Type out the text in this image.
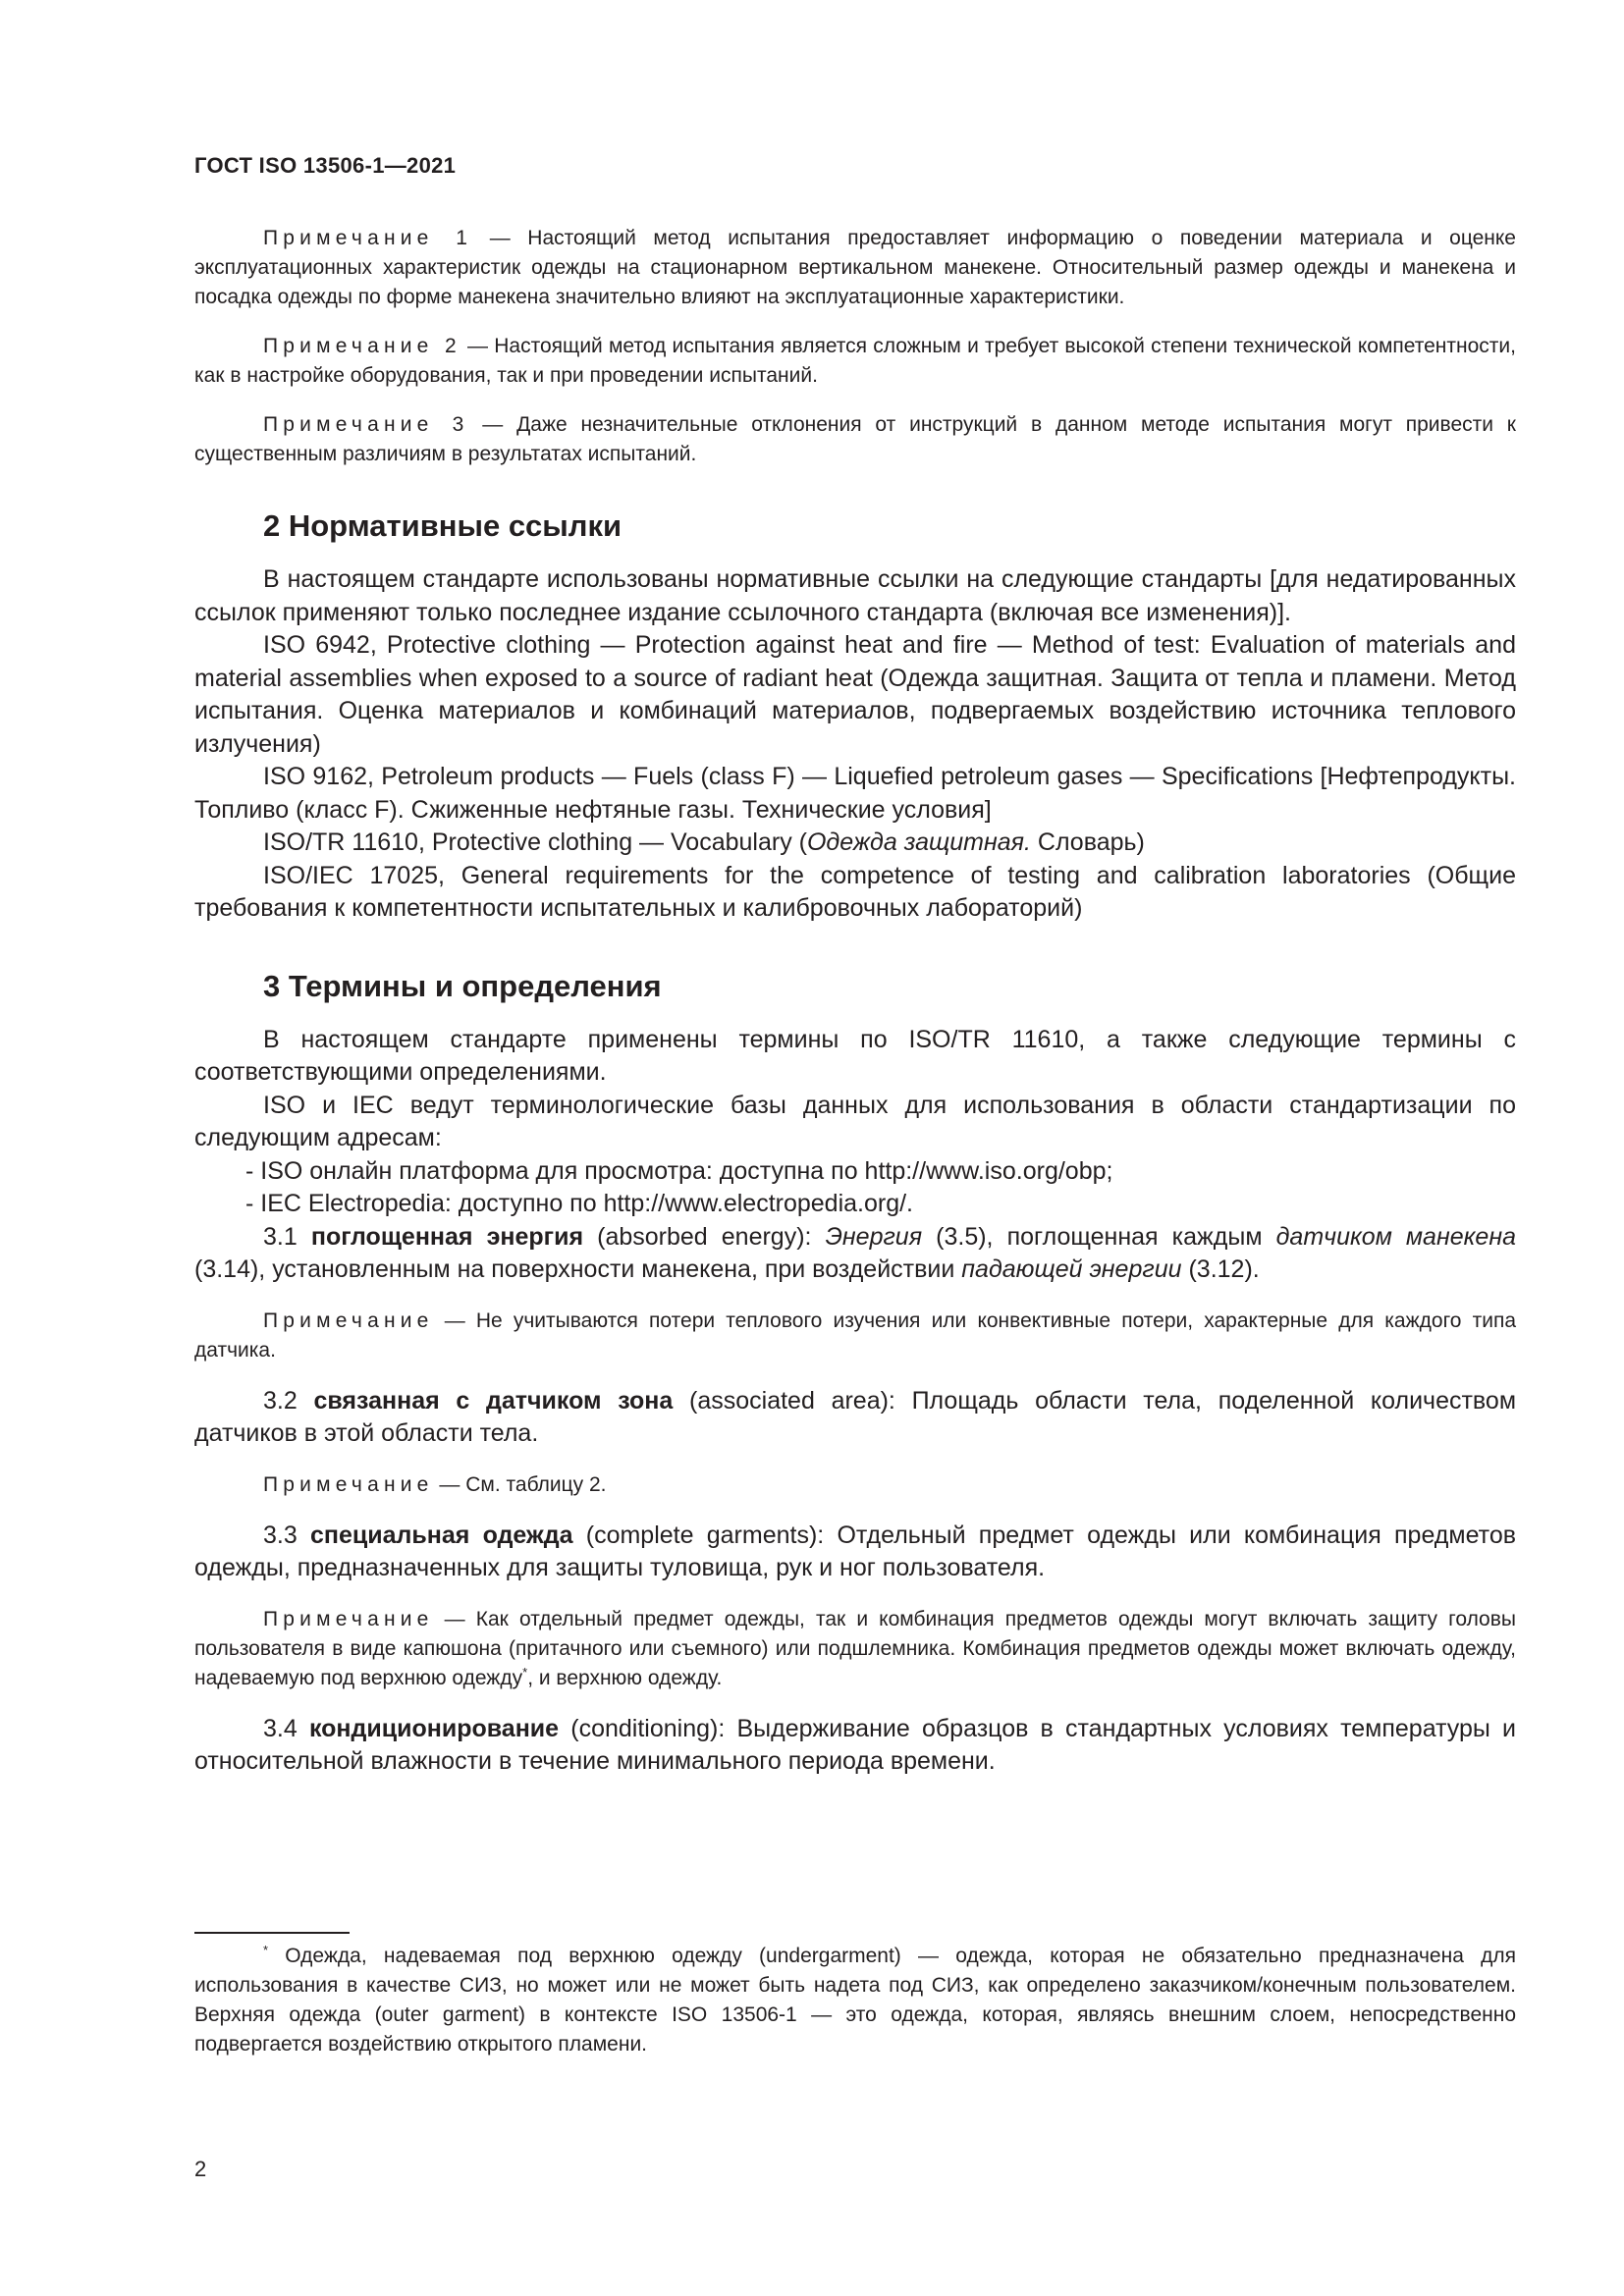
ГОСТ ISO 13506-1—2021

Примечание 1 — Настоящий метод испытания предоставляет информацию о поведении материала и оценке эксплуатационных характеристик одежды на стационарном вертикальном манекене. Относительный размер одежды и манекена и посадка одежды по форме манекена значительно влияют на эксплуатационные характеристики.

Примечание 2 — Настоящий метод испытания является сложным и требует высокой степени технической компетентности, как в настройке оборудования, так и при проведении испытаний.

Примечание 3 — Даже незначительные отклонения от инструкций в данном методе испытания могут привести к существенным различиям в результатах испытаний.

2 Нормативные ссылки

В настоящем стандарте использованы нормативные ссылки на следующие стандарты [для недатированных ссылок применяют только последнее издание ссылочного стандарта (включая все изменения)].

ISO 6942, Protective clothing — Protection against heat and fire — Method of test: Evaluation of materials and material assemblies when exposed to a source of radiant heat (Одежда защитная. Защита от тепла и пламени. Метод испытания. Оценка материалов и комбинаций материалов, подвергаемых воздействию источника теплового излучения)

ISO 9162, Petroleum products — Fuels (class F) — Liquefied petroleum gases — Specifications [Нефтепродукты. Топливо (класс F). Сжиженные нефтяные газы. Технические условия]

ISO/TR 11610, Protective clothing — Vocabulary (Одежда защитная. Словарь)

ISO/IEC 17025, General requirements for the competence of testing and calibration laboratories (Общие требования к компетентности испытательных и калибровочных лабораторий)

3 Термины и определения

В настоящем стандарте применены термины по ISO/TR 11610, а также следующие термины с соответствующими определениями.

ISO и IEC ведут терминологические базы данных для использования в области стандартизации по следующим адресам:

- ISO онлайн платформа для просмотра: доступна по http://www.iso.org/obp;

- IEC Electropedia: доступно по http://www.electropedia.org/.

3.1 поглощенная энергия (absorbed energy): Энергия (3.5), поглощенная каждым датчиком манекена (3.14), установленным на поверхности манекена, при воздействии падающей энергии (3.12).

Примечание — Не учитываются потери теплового изучения или конвективные потери, характерные для каждого типа датчика.

3.2 связанная с датчиком зона (associated area): Площадь области тела, поделенной количеством датчиков в этой области тела.

Примечание — См. таблицу 2.

3.3 специальная одежда (complete garments): Отдельный предмет одежды или комбинация предметов одежды, предназначенных для защиты туловища, рук и ног пользователя.

Примечание — Как отдельный предмет одежды, так и комбинация предметов одежды могут включать защиту головы пользователя в виде капюшона (притачного или съемного) или подшлемника. Комбинация предметов одежды может включать одежду, надеваемую под верхнюю одежду*, и верхнюю одежду.

3.4 кондиционирование (conditioning): Выдерживание образцов в стандартных условиях температуры и относительной влажности в течение минимального периода времени.

* Одежда, надеваемая под верхнюю одежду (undergarment) — одежда, которая не обязательно предназначена для использования в качестве СИЗ, но может или не может быть надета под СИЗ, как определено заказчиком/конечным пользователем. Верхняя одежда (outer garment) в контексте ISO 13506-1 — это одежда, которая, являясь внешним слоем, непосредственно подвергается воздействию открытого пламени.

2
